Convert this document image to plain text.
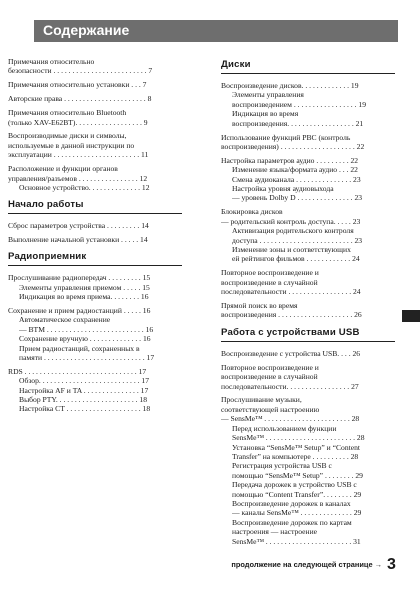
Содержание
Примечания относительно
безопасности . . . . . . . . . . . . . . . . . . . . . . . . . 7
Примечания относительно установки . . . 7
Авторские права . . . . . . . . . . . . . . . . . . . . . . 8
Примечания относительно Bluetooth
(только XAV-E62BT). . . . . . . . . . . . . . . . . . 9
Воспроизводимые диски и символы,
используемые в данной инструкции по
эксплуатации . . . . . . . . . . . . . . . . . . . . . . . 11
Расположение и функции органов
управления/разъемов . . . . . . . . . . . . . . . . 12
Основное устройство. . . . . . . . . . . . . . 12
Начало работы
Сброс параметров устройства . . . . . . . . . 14
Выполнение начальной установки . . . . . 14
Радиоприемник
Прослушивание радиопередач . . . . . . . . . 15
Элементы управления приемом . . . . . 15
Индикация во время приема. . . . . . . . 16
Сохранение и прием радиостанций . . . . . 16
Автоматическое сохранение
— BTM . . . . . . . . . . . . . . . . . . . . . . . . . . 16
Сохранение вручную . . . . . . . . . . . . . . 16
Прием радиостанций, сохраненных в
памяти . . . . . . . . . . . . . . . . . . . . . . . . . . . 17
RDS . . . . . . . . . . . . . . . . . . . . . . . . . . . . . . 17
Обзор. . . . . . . . . . . . . . . . . . . . . . . . . . . 17
Настройка AF и TA . . . . . . . . . . . . . . . 17
Выбор PTY. . . . . . . . . . . . . . . . . . . . . . 18
Настройка CT . . . . . . . . . . . . . . . . . . . . 18
Диски
Воспроизведение дисков. . . . . . . . . . . . . 19
Элементы управления
воспроизведением . . . . . . . . . . . . . . . . . 19
Индикация во время
воспроизведения. . . . . . . . . . . . . . . . . . 21
Использование функций PBC (контроль
воспроизведения) . . . . . . . . . . . . . . . . . . . . 22
Настройка параметров аудио . . . . . . . . . 22
Изменение языка/формата аудио . . . 22
Смена аудиоканала . . . . . . . . . . . . . . . 23
Настройка уровня аудиовыхода
— уровень Dolby D . . . . . . . . . . . . . . . 23
Блокировка дисков
— родительский контроль доступа. . . . . 23
Активизация родительского контроля
доступа . . . . . . . . . . . . . . . . . . . . . . . . . 23
Изменение зоны и соответствующих
ей рейтингов фильмов . . . . . . . . . . . . 24
Повторное воспроизведение и
воспроизведение в случайной
последовательности . . . . . . . . . . . . . . . . . 24
Прямой поиск во время
воспроизведения . . . . . . . . . . . . . . . . . . . . 26
Работа с устройствами USB
Воспроизведение с устройства USB. . . . 26
Повторное воспроизведение и
воспроизведение в случайной
последовательности. . . . . . . . . . . . . . . . . 27
Прослушивание музыки,
соответствующей настроению
— SensMe™ . . . . . . . . . . . . . . . . . . . . . . . 28
Перед использованием функции
SensMe™ . . . . . . . . . . . . . . . . . . . . . . . . 28
Установка “SensMe™ Setup” и “Content
Transfer” на компьютере . . . . . . . . . . 28
Регистрация устройства USB с
помощью “SensMe™ Setup” . . . . . . . . 29
Передача дорожек в устройство USB с
помощью “Content Transfer”. . . . . . . . 29
Воспроизведение дорожек в каналах
— каналы SensMe™ . . . . . . . . . . . . . . 29
Воспроизведение дорожек по картам
настроения — настроение
SensMe™ . . . . . . . . . . . . . . . . . . . . . . . 31
продолжение на следующей странице → 3
